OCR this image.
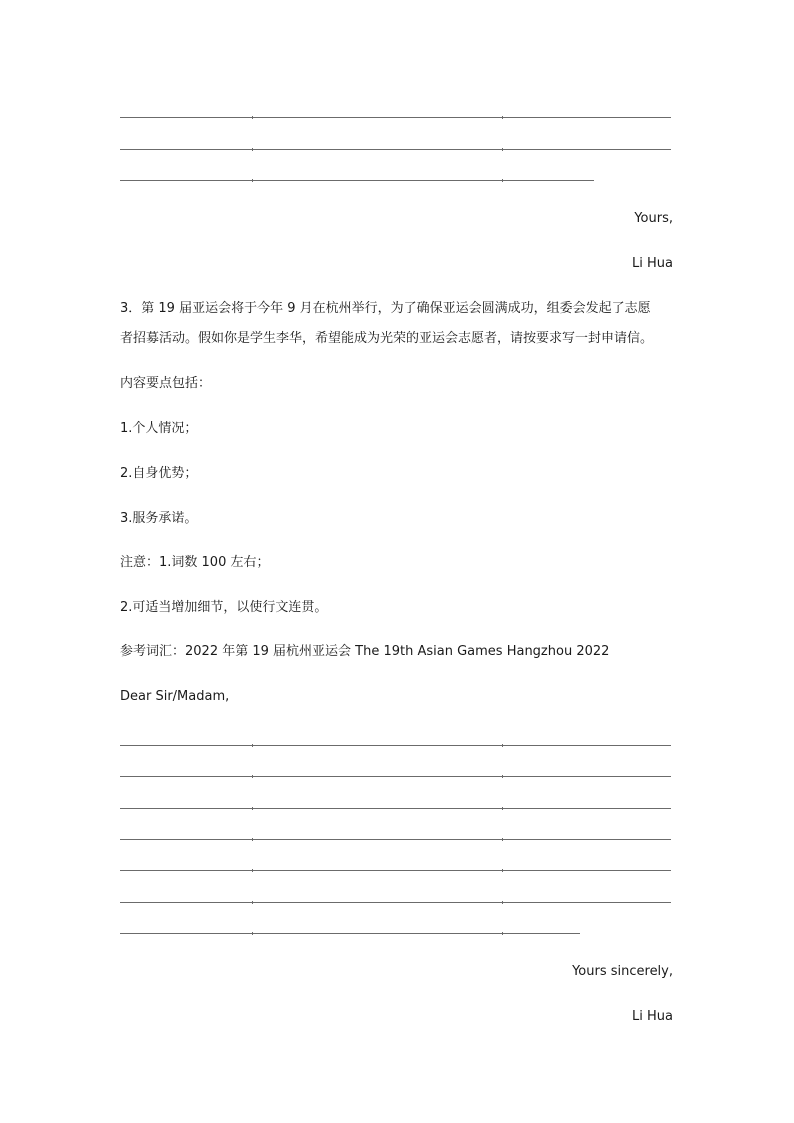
Yours,
Li Hua
3．第 19 届亚运会将于今年 9 月在杭州举行，为了确保亚运会圆满成功，组委会发起了志愿
者招募活动。假如你是学生李华，希望能成为光荣的亚运会志愿者，请按要求写一封申请信。
内容要点包括：
1.个人情况；
2.自身优势；
3.服务承诺。
注意：1.词数 100 左右；
2.可适当增加细节，以使行文连贯。
参考词汇：2022 年第 19 届杭州亚运会 The 19th Asian Games Hangzhou 2022
Dear Sir/Madam,
Yours sincerely,
Li Hua
